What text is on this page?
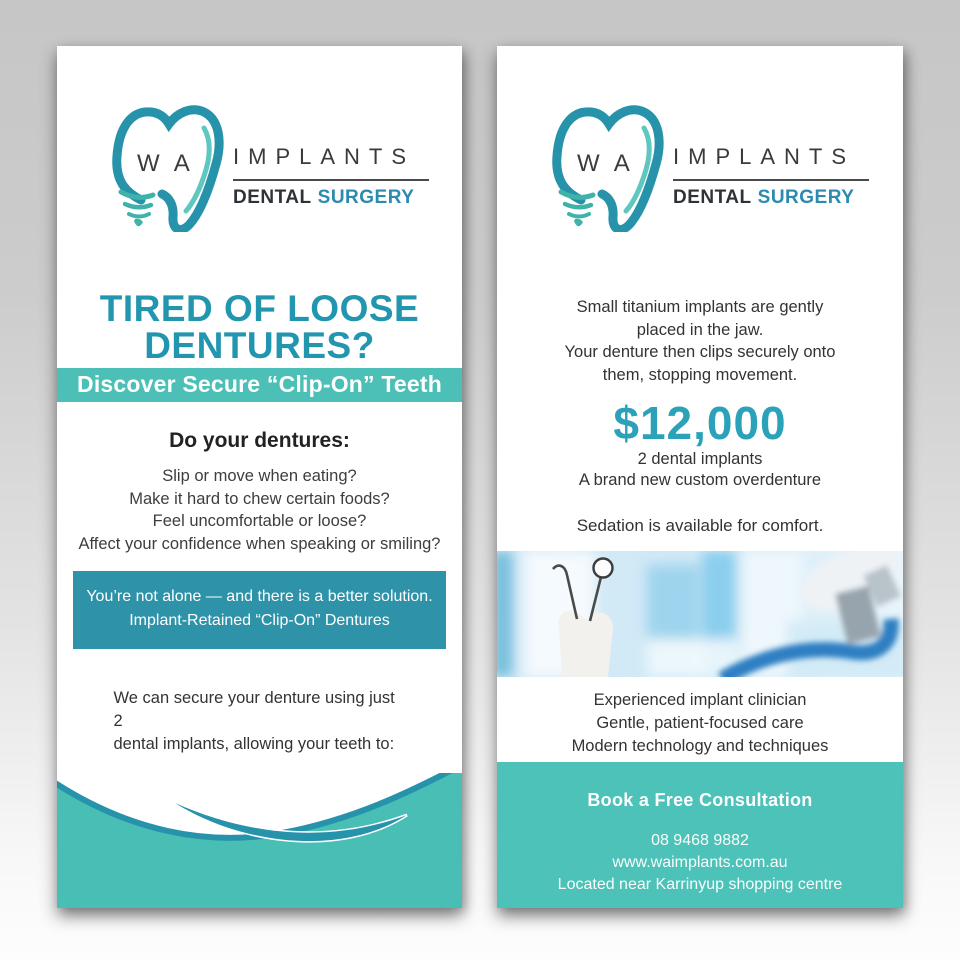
WA IMPLANTS
DENTAL SURGERY
TIRED OF LOOSE
DENTURES?
Discover Secure “Clip-On” Teeth
Do your dentures:
Slip or move when eating?
Make it hard to chew certain foods?
Feel uncomfortable or loose?
Affect your confidence when speaking or smiling?
You’re not alone — and there is a better solution.
Implant-Retained “Clip-On” Dentures
We can secure your denture using just 2
dental implants, allowing your teeth to:
WA IMPLANTS
DENTAL SURGERY
Small titanium implants are gently
placed in the jaw.
Your denture then clips securely onto
them, stopping movement.
$12,000
2 dental implants
A brand new custom overdenture
Sedation is available for comfort.
Experienced implant clinician
Gentle, patient-focused care
Modern technology and techniques
Book a Free Consultation
08 9468 9882
www.waimplants.com.au
Located near Karrinyup shopping centre
